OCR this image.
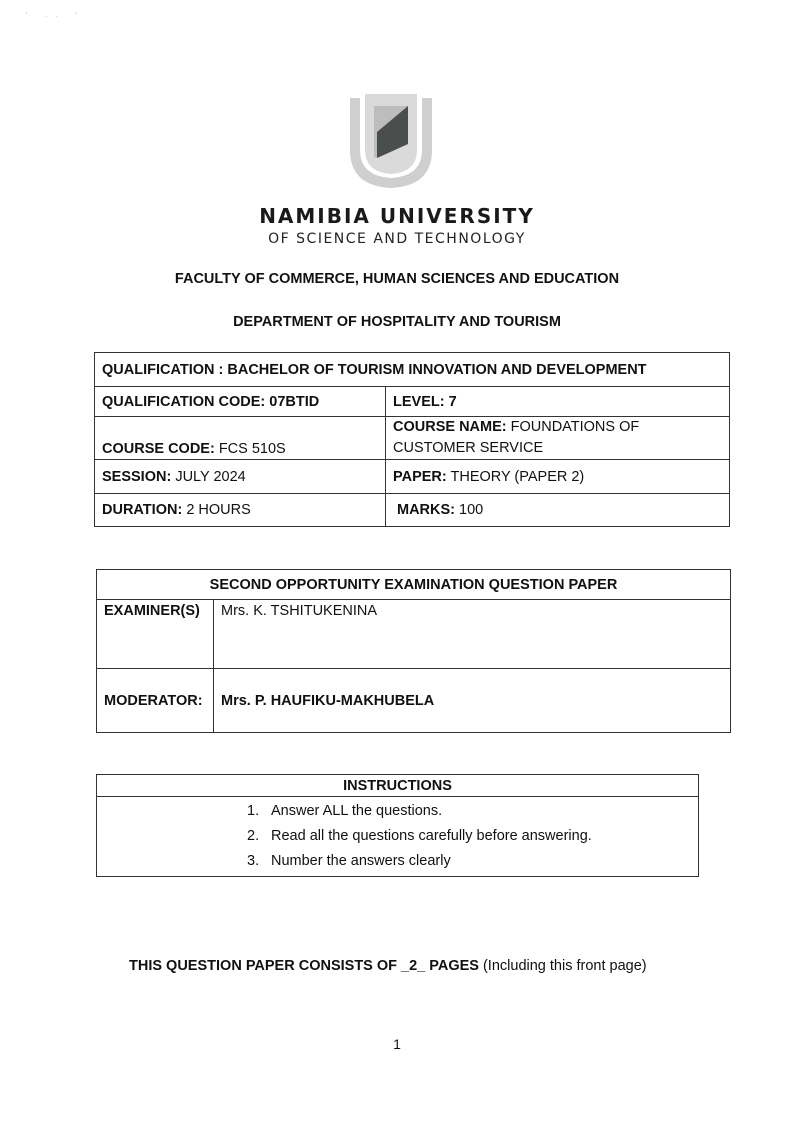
' .. '
NAMIBIA UNIVERSITY
OF SCIENCE AND TECHNOLOGY
FACULTY OF COMMERCE, HUMAN SCIENCES AND EDUCATION
DEPARTMENT OF HOSPITALITY AND TOURISM
QUALIFICATION : BACHELOR OF TOURISM INNOVATION AND DEVELOPMENT	
QUALIFICATION CODE: 07BTID	LEVEL: 7
COURSE CODE: FCS 510S	COURSE NAME: FOUNDATIONS OF CUSTOMER SERVICE
SESSION: JULY 2024	PAPER: THEORY (PAPER 2)
DURATION: 2 HOURS	MARKS: 100
SECOND OPPORTUNITY EXAMINATION QUESTION PAPER	
EXAMINER(S)	Mrs. K. TSHITUKENINA
MODERATOR:	Mrs. P. HAUFIKU-MAKHUBELA
INSTRUCTIONS

1. Answer ALL the questions.
2. Read all the questions carefully before answering.
3. Number the answers clearly
THIS QUESTION PAPER CONSISTS OF _2_ PAGES (Including this front page)
1
